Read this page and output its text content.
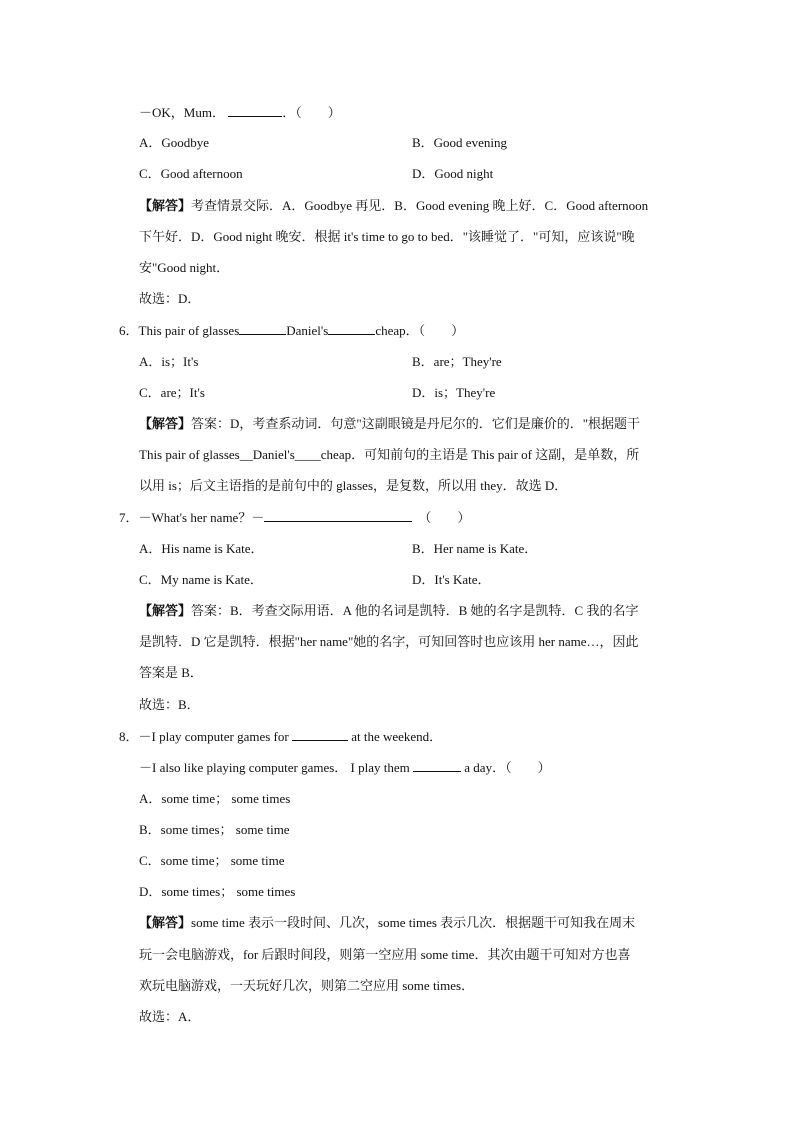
－OK，Mum．	．（　　）
A．Goodbye	B．Good evening
C．Good afternoon	D．Good night
【解答】考查情景交际．A．Goodbye 再见．B．Good evening 晚上好．C．Good afternoon
下午好．D．Good night 晚安．根据 it's time to go to bed．"该睡觉了．"可知，应该说"晚
安"Good night．
故选：D．
6．This pair of glasses	Daniel's	cheap．（　　）
A．is；It's	B．are；They're
C．are；It's	D．is；They're
【解答】答案：D，考查系动词．句意"这副眼镜是丹尼尔的．它们是廉价的．"根据题干
This pair of glasses__Daniel's____cheap．可知前句的主语是 This pair of 这副，是单数，所
以用 is；后文主语指的是前句中的 glasses，是复数，所以用 they．故选 D．
7．－What's her name？－	（　　）
A．His name is Kate．	B．Her name is Kate．
C．My name is Kate．	D．It's Kate．
【解答】答案：B．考查交际用语．A 他的名词是凯特．B 她的名字是凯特．C 我的名字
是凯特．D 它是凯特．根据"her name"她的名字，可知回答时也应该用 her name…，因此
答案是 B．
故选：B．
8．－I play computer games for	at the weekend．
－I also like playing computer games． I play them	a day．（　　）
A．some time； some times
B．some times； some time
C．some time； some time
D．some times； some times
【解答】some time 表示一段时间、几次，some times 表示几次．根据题干可知我在周末
玩一会电脑游戏，for 后跟时间段，则第一空应用 some time．其次由题干可知对方也喜
欢玩电脑游戏，一天玩好几次，则第二空应用 some times．
故选：A．
